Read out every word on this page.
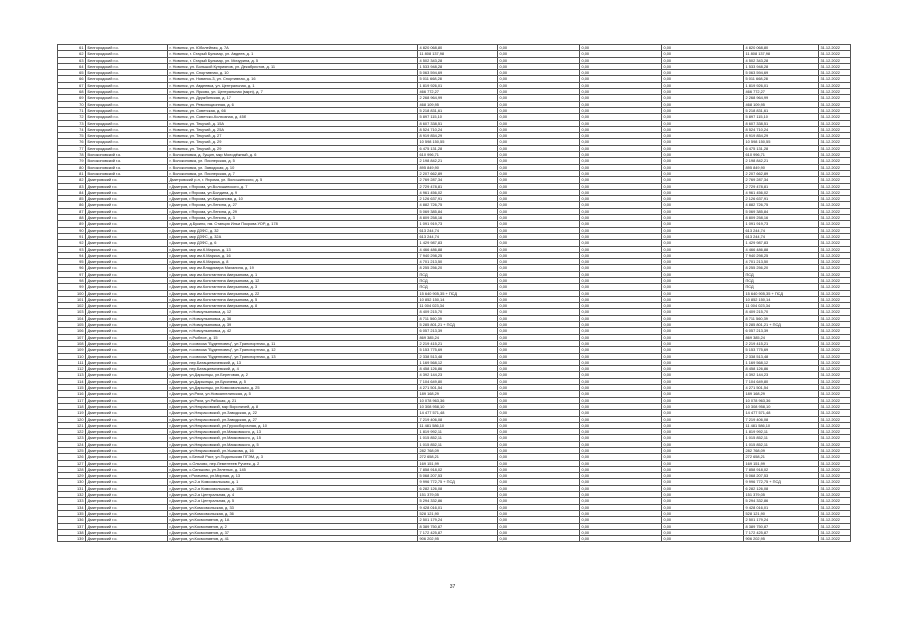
61	Белгородский г.о.	г. Новинск, ул. Юбилейная, д. 7А	4 820 068,80	0,00	0,00	0,00	4 820 068,80	31.12.2022
62	Белгородский г.о.	г. Новинск, г. Старый Бульвар, ул. Авдеев, д. 1	11 808 137,98	0,00	0,00	0,00	11 808 137,98	31.12.2022
63	Белгородский г.о.	г. Новинск, г. Старый Бульвар, ул. Мичурина, д. 5	4 502 343,28	0,00	0,00	0,00	4 502 343,28	31.12.2022
64	Белгородский г.о.	г. Новинск, ул. Большой Куприянов, ул. Декабристов, д. 11	1 533 948,28	0,00	0,00	0,00	1 533 948,28	31.12.2022
65	Белгородский г.о.	г. Новинск, ул. Спортивная, д. 10	5 063 594,69	0,00	0,00	0,00	5 063 594,69	31.12.2022
66	Белгородский г.о.	г. Новинск, ул. Новинск-3, ул. Спортивная, д. 16	5 011 668,28	0,00	0,00	0,00	5 011 668,28	31.12.2022
67	Белгородский г.о.	г. Новинск, ул. Авдеевка, ул. Центральная, д. 1	1 819 926,01	0,00	0,00	0,00	1 819 926,01	31.12.2022
68	Белгородский г.о.	г. Новинск, ул. Ярково, ул. Центральная (мкрн), д. 7	466 772,27	0,00	0,00	0,00	466 772,27	31.12.2022
69	Белгородский г.о.	г. Новинск, ул. Дружбинская, д. 17	2 268 964,99	0,00	0,00	0,00	2 268 964,99	31.12.2022
70	Белгородский г.о.	г. Новинск, ул. Революционная, д. 6	468 109,95	0,00	0,00	0,00	468 109,95	31.12.2022
71	Белгородский г.о.	г. Новинск, ул. Советская, д. 66	5 218 831,61	0,00	0,00	0,00	5 218 831,61	31.12.2022
72	Белгородский г.о.	г. Новинск, ул. Советско-Колхозная, д. 45б	5 897 115,10	0,00	0,00	0,00	5 897 115,10	31.12.2022
73	Белгородский г.о.	г. Новинск, ул. Текучий, д. 15А	8 607 338,51	0,00	0,00	0,00	8 607 338,51	31.12.2022
74	Белгородский г.о.	г. Новинск, ул. Текучий, д. 25А	8 524 710,24	0,00	0,00	0,00	8 524 710,24	31.12.2022
75	Белгородский г.о.	г. Новинск, ул. Текучий, д. 27	8 919 854,29	0,00	0,00	0,00	8 919 854,29	31.12.2022
76	Белгородский г.о.	г. Новинск, ул. Текучий, д. 29	10 598 150,55	0,00	0,00	0,00	10 598 150,55	31.12.2022
77	Белгородский г.о.	г. Новинск, ул. Текучий, д. 29	6 475 131,28	0,00	0,00	0,00	6 475 131,28	31.12.2022
78	Волоконовский г.о.	г. Волоконовка, д. Гущин, мкр Молодёжный, д. 6	610 996,71	0,00	0,00	0,00	610 996,71	31.12.2022
79	Волоконовский г.о.	г. Волоконовка, ул. Пионерская, д. 5	2 198 842,21	0,00	0,00	0,00	2 198 842,21	31.12.2022
80	Волоконовский г.о.	г. Волоконовка, ул. Заводская, д. 10	895 849,90	0,00	0,00	0,00	895 849,90	31.12.2022
81	Волоконовский г.о.	г. Волоконовка, ул. Пионерская, д. 7	2 207 662,89	0,00	0,00	0,00	2 207 662,89	31.12.2022
82	Дмитровский г.о.	Дмитровский р-н, г. Яхрома, ул. Волошинского, д. 5	2 769 287,34	0,00	0,00	0,00	2 769 287,34	31.12.2022
83	Дмитровский г.о.	г.Дмитров, г.Яхрома, ул.Волошинского, д. 7	2 729 478,81	0,00	0,00	0,00	2 729 478,81	31.12.2022
84	Дмитровский г.о.	г.Дмитров, г.Яхрома, ул.Болдина, д. 9	4 961 456,02	0,00	0,00	0,00	4 961 456,02	31.12.2022
85	Дмитровский г.о.	г.Дмитров, г.Яхрома, ул.Кирьянова, д. 10	2 126 637,91	0,00	0,00	0,00	2 126 637,91	31.12.2022
86	Дмитровский г.о.	г.Дмитров, г.Яхрома, ул.Ленина, д. 27	4 882 726,75	0,00	0,00	0,00	4 882 726,75	31.12.2022
87	Дмитровский г.о.	г.Дмитров, г.Яхрома, ул.Ленина, д. 29	5 069 385,84	0,00	0,00	0,00	5 069 385,84	31.12.2022
88	Дмитровский г.о.	г.Дмитров, г.Яхрома, ул.Ленина, д. 3	8 809 258,16	0,00	0,00	0,00	8 809 258,16	31.12.2022
89	Дмитровский г.о.	г.Дмитров, д.Букино, пм. Станция Ильи Покрова УОР, д. 178	1 091 919,73	0,00	0,00	0,00	1 091 919,73	31.12.2022
90	Дмитровский г.о.	г.Дмитров, мкр ДЗФС, д. 32	613 244,74	0,00	0,00	0,00	613 244,74	31.12.2022
91	Дмитровский г.о.	г.Дмитров, мкр ДЗФС, д. 32А	613 244,74	0,00	0,00	0,00	613 244,74	31.12.2022
92	Дмитровский г.о.	г.Дмитров, мкр ДЗФС, д. 6	1 429 987,83	0,00	0,00	0,00	1 429 987,83	31.12.2022
93	Дмитровский г.о.	г.Дмитров, мкр им.К.Маркса, д. 13	4 466 486,88	0,00	0,00	0,00	4 466 486,88	31.12.2022
94	Дмитровский г.о.	г.Дмитров, мкр им.К.Маркса, д. 16	7 940 298,25	0,00	0,00	0,00	7 940 298,25	31.12.2022
95	Дмитровский г.о.	г.Дмитров, мкр им.К.Маркса, д. 8	4 701 213,50	0,00	0,00	0,00	4 701 213,50	31.12.2022
96	Дмитровский г.о.	г.Дмитров, мкр им.Владимира Махалина, д. 19	8 255 256,20	0,00	0,00	0,00	8 255 256,20	31.12.2022
97	Дмитровский г.о.	г.Дмитров, мкр им.Константина Аверьянова, д. 1	ПСД	0,00	0,00	0,00	ПСД	31.12.2022
98	Дмитровский г.о.	г.Дмитров, мкр им.Константина Аверьянова, д. 12	ПСД	0,00	0,00	0,00	ПСД	31.12.2022
99	Дмитровский г.о.	г.Дмитров, мкр им.Константина Аверьянова, д. 3	ПСД	0,00	0,00	0,00	ПСД	31.12.2022
100	Дмитровский г.о.	г.Дмитров, мкр им.Константина Аверьянова, д. 22	15 640 905,35 + ПСД	0,00	0,00	0,00	15 640 905,35 + ПСД	31.12.2022
101	Дмитровский г.о.	г.Дмитров, мкр им.Константина Аверьянова, д. 5	10 852 150,14	0,00	0,00	0,00	10 852 150,14	31.12.2022
102	Дмитровский г.о.	г.Дмитров, мкр им.Константина Аверьянова, д. 8	11 004 023,34	0,00	0,00	0,00	11 004 023,34	31.12.2022
103	Дмитровский г.о.	г.Дмитров, п.Новоульяновка, д. 12	8 409 215,70	0,00	0,00	0,00	8 409 215,70	31.12.2022
104	Дмитровский г.о.	г.Дмитров, п.Новоульяновка, д. 36	8 711 560,39	0,00	0,00	0,00	8 711 560,39	31.12.2022
105	Дмитровский г.о.	г.Дмитров, п.Новоульяновка, д. 39	5 285 801,21 + ПСД	0,00	0,00	0,00	5 285 801,21 + ПСД	31.12.2022
106	Дмитровский г.о.	г.Дмитров, п.Новоульяновка, д. 42	6 057 213,39	0,00	0,00	0,00	6 057 213,39	31.12.2022
107	Дмитровский г.о.	г.Дмитров, п.Рыбное, д. 15	869 385,24	0,00	0,00	0,00	869 385,24	31.12.2022
108	Дмитровский г.о.	г.Дмитров, п.совхоза "Буденновец", ул.Транспортная, д. 11	2 219 415,21	0,00	0,00	0,00	2 219 415,21	31.12.2022
109	Дмитровский г.о.	г.Дмитров, п.совхоза "Буденновец", ул.Транспортная, д. 12	5 153 775,69	0,00	0,00	0,00	5 153 775,69	31.12.2022
110	Дмитровский г.о.	г.Дмитров, п.совхоза "Буденновец", ул.Транспортная, д. 13	2 338 513,48	0,00	0,00	0,00	2 338 513,48	31.12.2022
111	Дмитровский г.о.	г.Дмитров, пер.Батацкевичевский, д. 13	1 169 568,12	0,00	0,00	0,00	1 169 568,12	31.12.2022
112	Дмитровский г.о.	г.Дмитров, пер.Батацкевичевский, д. 4	8 458 126,86	0,00	0,00	0,00	8 458 126,86	31.12.2022
113	Дмитровский г.о.	г.Дмитров, ул.Дарьинцы, ул.Береговая, д. 2	4 392 144,23	0,00	0,00	0,00	4 392 144,23	31.12.2022
114	Дмитровский г.о.	г.Дмитров, ул.Дарьинцы, ул.Бусичева, д. 5	7 104 649,80	0,00	0,00	0,00	7 104 649,80	31.12.2022
115	Дмитровский г.о.	г.Дмитров, ул.Дарьинцы, ул.Комсомольская, д. 25	4 271 501,54	0,00	0,00	0,00	4 271 501,54	31.12.2022
116	Дмитровский г.о.	г.Дмитров, ул.Ряхи, ул.Новоангелинская, д. 5	189 168,29	0,00	0,00	0,00	189 168,29	31.12.2022
117	Дмитровский г.о.	г.Дмитров, ул.Ряхи, ул.Рябская, д. 21	10 078 963,36	0,00	0,00	0,00	10 078 963,36	31.12.2022
118	Дмитровский г.о.	г.Дмитров, ул.Некрасовский, мкр Вороничей, д. 8	10 308 958,10	0,00	0,00	0,00	10 308 958,10	31.12.2022
119	Дмитровский г.о.	г.Дмитров, ул.Некрасовский, ул.Заводская, д. 22	14 477 571,48	0,00	0,00	0,00	14 477 571,48	31.12.2022
120	Дмитровский г.о.	г.Дмитров, ул.Некрасовский, ул.Заводская, д. 27	7 219 406,08	0,00	0,00	0,00	7 219 406,08	31.12.2022
121	Дмитровский г.о.	г.Дмитров, ул.Некрасовский, ул.Грузосборочная, д. 10	11 481 586,10	0,00	0,00	0,00	11 481 586,10	31.12.2022
122	Дмитровский г.о.	г.Дмитров, ул.Некрасовский, ул.Маяковского, д. 13	1 819 992,11	0,00	0,00	0,00	1 819 992,11	31.12.2022
123	Дмитровский г.о.	г.Дмитров, ул.Некрасовский, ул.Маяковского, д. 15	1 015 852,11	0,00	0,00	0,00	1 015 852,11	31.12.2022
124	Дмитровский г.о.	г.Дмитров, ул.Некрасовский, ул.Маяковского, д. 5	1 015 852,11	0,00	0,00	0,00	1 015 852,11	31.12.2022
125	Дмитровский г.о.	г.Дмитров, ул.Некрасовский, ул.Ушакова, д. 16	282 768,09	0,00	0,00	0,00	282 768,09	31.12.2022
126	Дмитровский г.о.	г.Дмитров, с.Белый Раст, ул.Подольская ПГЭМ, д. 3	272 658,21	0,00	0,00	0,00	272 658,21	31.12.2022
127	Дмитровский г.о.	г.Дмитров, с.Ольгово, пер.Лементеев Ручеек, д. 2	169 151,99	0,00	0,00	0,00	169 151,99	31.12.2022
128	Дмитровский г.о.	г.Дмитров, с.Синьково, ул.Зеленых, д. 145	7 858 918,02	0,00	0,00	0,00	7 858 918,02	31.12.2022
129	Дмитровский г.о.	г.Дмитров, г.Рогачево, ул.Мирная, д. 13	5 068 207,53	0,00	0,00	0,00	5 068 207,53	31.12.2022
130	Дмитровский г.о.	г.Дмитров, ул.2-я Комсомольская, д. 1	9 996 772,75 + ПСД	0,00	0,00	0,00	9 996 772,75 + ПСД	31.12.2022
131	Дмитровский г.о.	г.Дмитров, ул.2-я Комсомольская, д. 15Б	6 282 126,08	0,00	0,00	0,00	6 282 126,08	31.12.2022
132	Дмитровский г.о.	г.Дмитров, ул.2-я Центральная, д. 4	151 379,05	0,00	0,00	0,00	151 379,05	31.12.2022
133	Дмитровский г.о.	г.Дмитров, ул.2-я Центральная, д. 5	5 294 332,86	0,00	0,00	0,00	5 294 332,86	31.12.2022
134	Дмитровский г.о.	г.Дмитров, ул.Комсомольская, д. 33	9 428 016,01	0,00	0,00	0,00	9 428 016,01	31.12.2022
135	Дмитровский г.о.	г.Дмитров, ул.Комсомольская, д. 36	528 121,90	0,00	0,00	0,00	528 121,90	31.12.2022
136	Дмитровский г.о.	г.Дмитров, ул.Космонавтов, д. 1А	2 501 179,24	0,00	0,00	0,00	2 501 179,24	31.12.2022
137	Дмитровский г.о.	г.Дмитров, ул.Космонавтов, д. 2	8 389 750,87	0,00	0,00	0,00	8 389 750,87	31.12.2022
138	Дмитровский г.о.	г.Дмитров, ул.Космонавтов, д. 37	7 172 425,87	0,00	0,00	0,00	7 172 425,87	31.12.2022
139	Дмитровский г.о.	г.Дмитров, ул.Космонавтов, д. 41	906 202,95	0,00	0,00	0,00	906 202,95	31.12.2022
37
